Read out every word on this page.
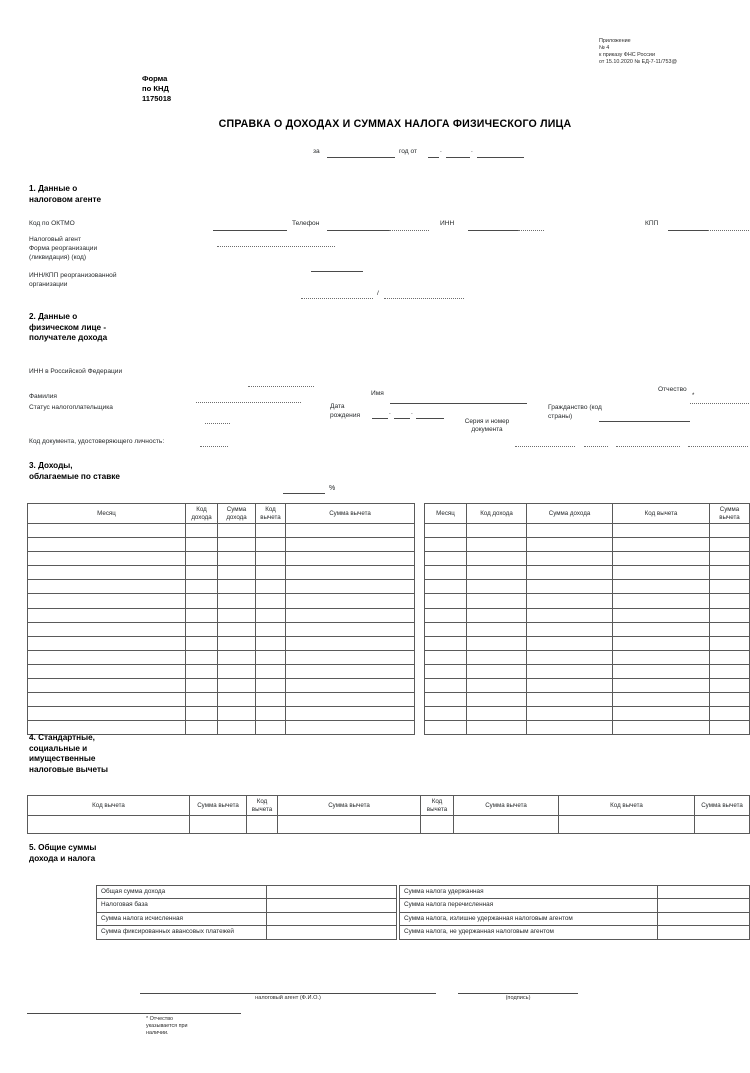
Приложение
№ 4
к приказу ФНС России
от 15.10.2020 № ЕД-7-11/753@
Форма
по КНД
1175018
СПРАВКА О ДОХОДАХ И СУММАХ НАЛОГА ФИЗИЧЕСКОГО ЛИЦА
за	год от	.	.
1. Данные о налоговом агенте
Код по ОКТМО	Телефон	ИНН	КПП
Налоговый агент
Форма реорганизации (ликвидация) (код)
ИНН/КПП реорганизованной организации
/
2. Данные о физическом лице - получателе дохода
ИНН в Российской Федерации
Фамилия	Имя
Отчество
*
Статус налогоплательщика	Дата рождения	.	.
Гражданство (код страны)
Серия и номер документа
Код документа, удостоверяющего личность:
3. Доходы, облагаемые по ставке
%
Месяц	Код дохода	Сумма дохода	Код вычета	Сумма вычета

					Месяц	Код дохода	Сумма дохода	Код вычета	Сумма вычета

4. Стандартные, социальные и имущественные налоговые вычеты
Код вычета	Сумма вычета	Код вычета	Сумма вычета	Код вычета	Сумма вычета	Код вычета	Сумма вычета

5. Общие суммы дохода и налога
Общая сумма дохода	
Налоговая база	
Сумма налога исчисленная	
Сумма фиксированных авансовых платежей	
Сумма налога удержанная	
Сумма налога перечисленная	
Сумма налога, излишне удержанная налоговым агентом	
Сумма налога, не удержанная налоговым агентом	
налоговый агент (Ф.И.О.)	(подпись)
* Отчество указывается при наличии.
